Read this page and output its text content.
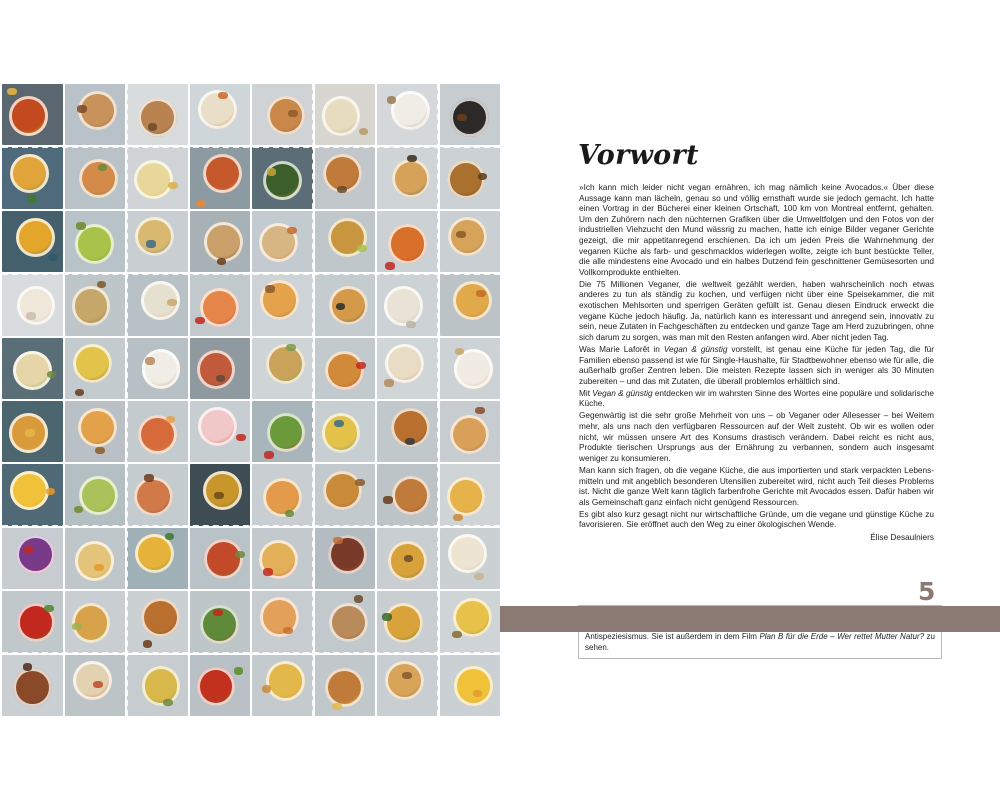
Vorwort

»Ich kann mich leider nicht vegan ernähren, ich mag nämlich keine Avocados.« Über diese Aussage kann man lächeln, genau so und völlig ernsthaft wurde sie jedoch gemacht. Ich hatte einen Vortrag in der Bücherei einer kleinen Ortschaft, 100 km von Montreal entfernt, gehalten. Um den Zuhörern nach den nüchternen Grafiken über die Umweltfolgen und den Fotos von der industriellen Viehzucht den Mund wässrig zu machen, hatte ich einige Bilder veganer Gerichte gezeigt, die mir appetitanregend erschienen. Da ich um jeden Preis die Wahrnehmung der veganen Küche als farb- und geschmacklos widerlegen wollte, zeigte ich bunt bestückte Teller, die alle mindestens eine Avocado und ein halbes Dutzend fein geschnittener Gemüsesorten und Vollkornprodukte enthielten.

Die 75 Millionen Veganer, die weltweit gezählt werden, haben wahrscheinlich noch etwas anderes zu tun als ständig zu kochen, und verfügen nicht über eine Speisekammer, die mit exotischen Mehlsorten und sperrigen Geräten gefüllt ist. Genau diesen Eindruck erweckt die vegane Küche jedoch häufig. Ja, natürlich kann es interessant und anregend sein, innovativ zu sein, neue Zutaten in Fachgeschäften zu entdecken und ganze Tage am Herd zuzubringen, ohne sich darum zu sorgen, was man mit den Resten anfangen wird. Aber nicht jeden Tag.

Was Marie Laforêt in Vegan & günstig vorstellt, ist genau eine Küche für jeden Tag, die für Familien ebenso passend ist wie für Single-Haushalte, für Stadtbewohner ebenso wie für alle, die außerhalb großer Zentren leben. Die meisten Rezepte lassen sich in weniger als 30 Minuten zubereiten – und das mit Zutaten, die überall problemlos erhältlich sind.

Mit Vegan & günstig entdecken wir im wahrsten Sinne des Wortes eine populäre und solidarische Küche.

Gegenwärtig ist die sehr große Mehrheit von uns – ob Veganer oder Allesesser – bei Weitem mehr, als uns nach den verfügbaren Ressourcen auf der Welt zusteht. Ob wir es wollen oder nicht, wir müssen unsere Art des Konsums drastisch verändern. Dabei reicht es nicht aus, Produkte tierischen Ursprungs aus der Ernährung zu verbannen, sondern auch insgesamt weniger zu konsumieren.

Man kann sich fragen, ob die vegane Küche, die aus importierten und stark verpackten Lebensmitteln und mit angeblich besonderen Utensilien zubereitet wird, nicht auch Teil dieses Problems ist. Nicht die ganze Welt kann täglich farbenfrohe Gerichte mit Avocados essen. Dafür haben wir als Gemeinschaft ganz einfach nicht genügend Ressourcen.

Es gibt also kurz gesagt nicht nur wirtschaftliche Gründe, um die vegane und günstige Küche zu favorisieren. Sie eröffnet auch den Weg zu einer ökologischen Wende.

Élise Desaulniers
Antispeziesismus. Sie ist außerdem in dem Film Plan B für die Erde – Wer rettet Mutter Natur? zu sehen.
5
